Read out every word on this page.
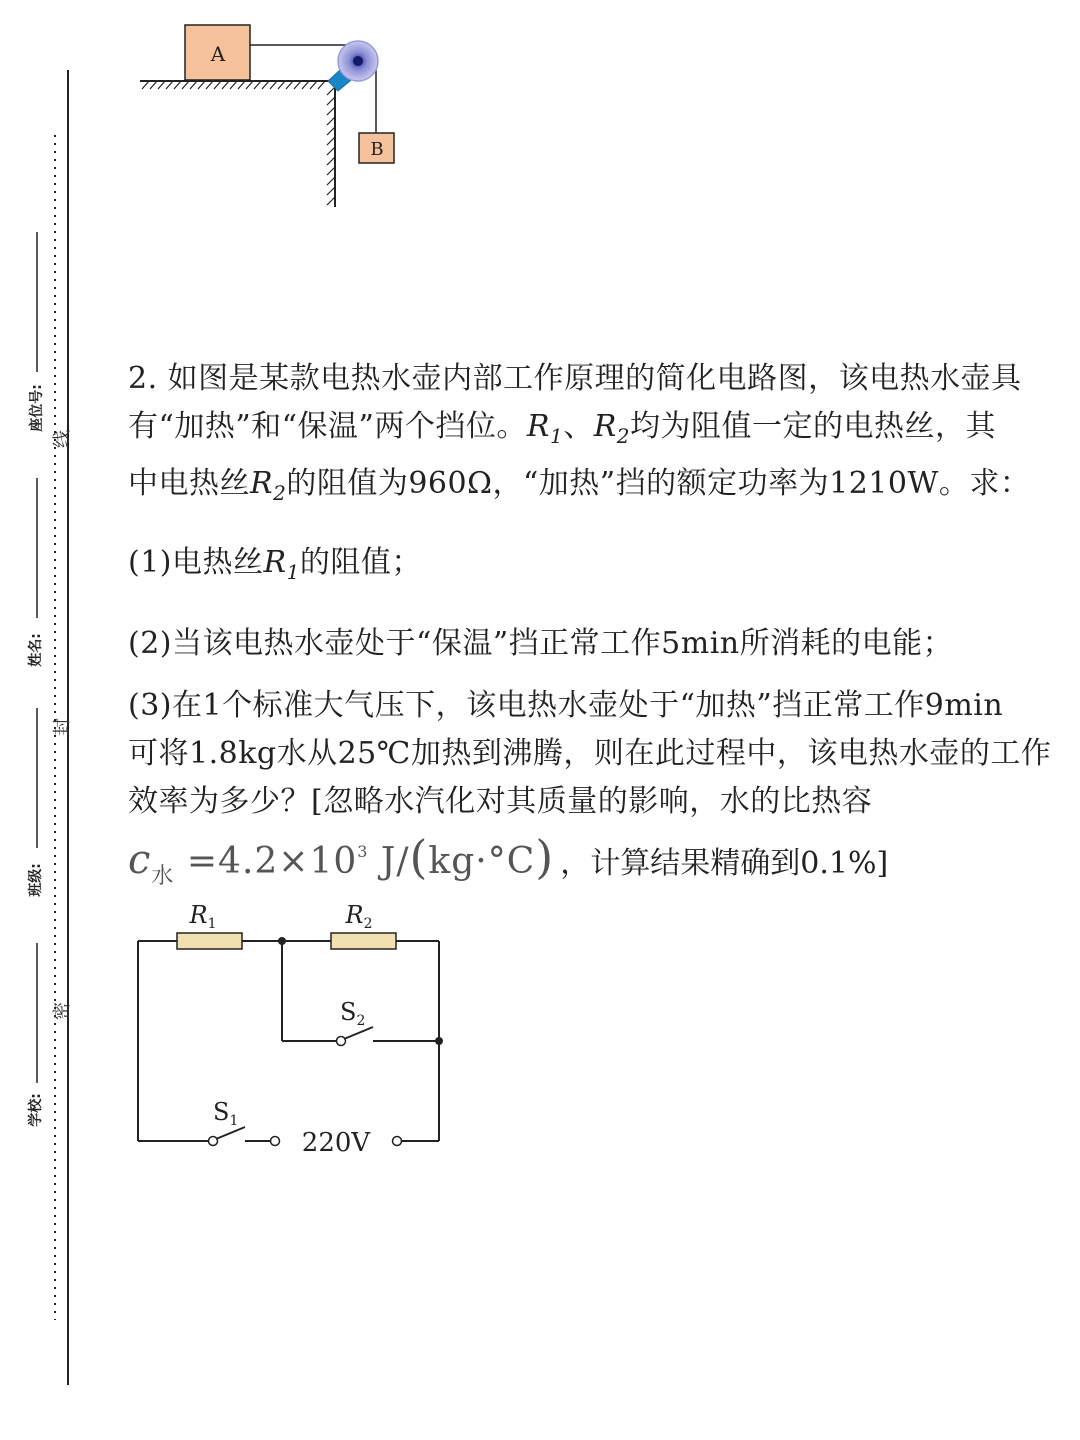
座位号:
姓名:
班级:
学校:
线
封
密
A
B

2. 如图是某款电热水壶内部工作原理的简化电路图，该电热水壶具

有“加热”和“保温”两个挡位。$R_1$、$R_2$均为阻值一定的电热丝，其

中电热丝$R_2$的阻值为960Ω，“加热”挡的额定功率为1210W。求：

(1)电热丝$R_1$的阻值；

(2)当该电热水壶处于“保温”挡正常工作5min所消耗的电能；

(3)在1个标准大气压下，该电热水壶处于“加热”挡正常工作9min

可将1.8kg水从25℃加热到沸腾，则在此过程中，该电热水壶的工作

效率为多少？[忽略水汽化对其质量的影响，水的比热容

$c_水 =4.2\times 10^3$ J/(kg·°C) ，计算结果精确到0.1%]
$R_1$	$R_2$
$S_2$
$S_1$
220V
